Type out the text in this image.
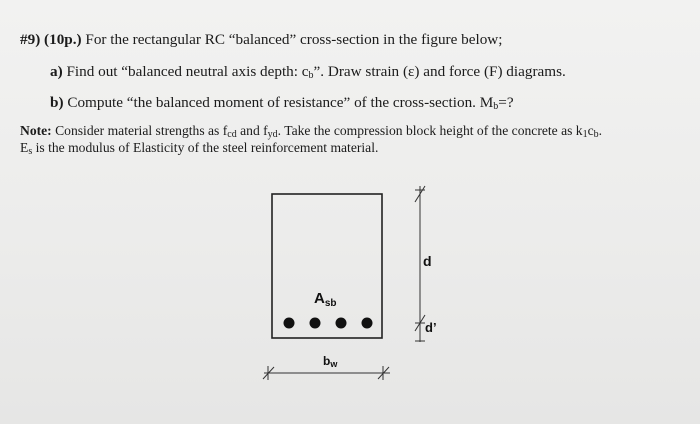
#9) (10p.) For the rectangular RC “balanced” cross-section in the figure below;
a) Find out “balanced neutral axis depth: $c_b$”. Draw strain (ε) and force (F) diagrams.
b) Compute “the balanced moment of resistance” of the cross-section. $M_b=$?
Note: Consider material strengths as $f_{cd}$ and $f_{yd}$. Take the compression block height of the concrete as $k_1c_b$.
$E_s$ is the modulus of Elasticity of the steel reinforcement material.
$A_{sb}$
d
d’
bw
